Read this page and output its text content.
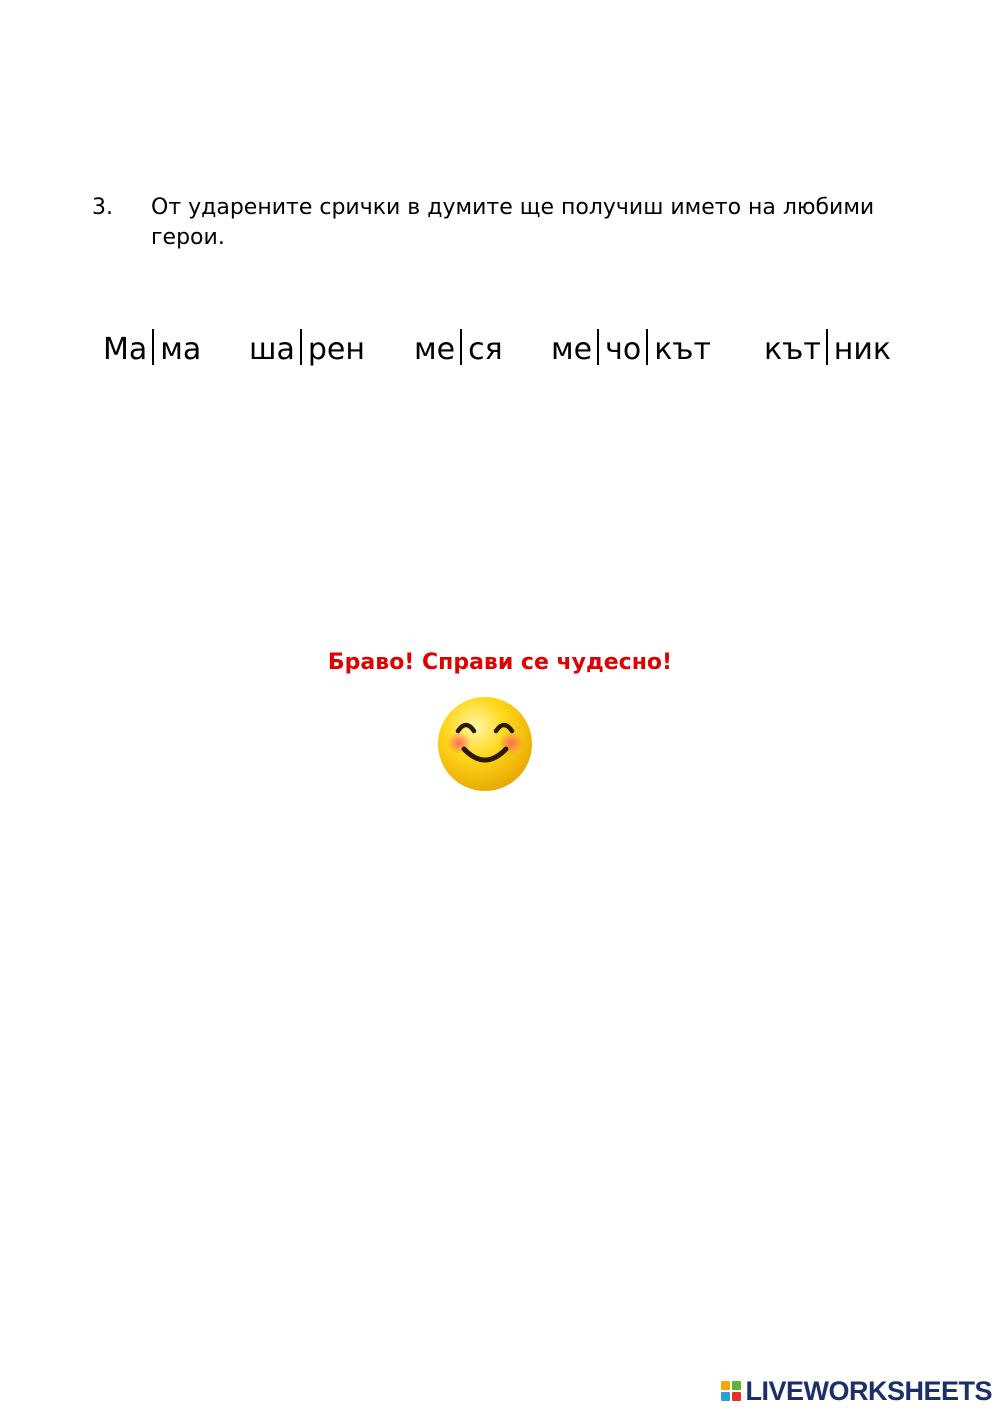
3. От ударените срички в думите ще получиш името на любими герои.
Ма ма ша рен ме ся ме чо кът кът ник
Браво! Справи се чудесно!
LIVEWORKSHEETS
